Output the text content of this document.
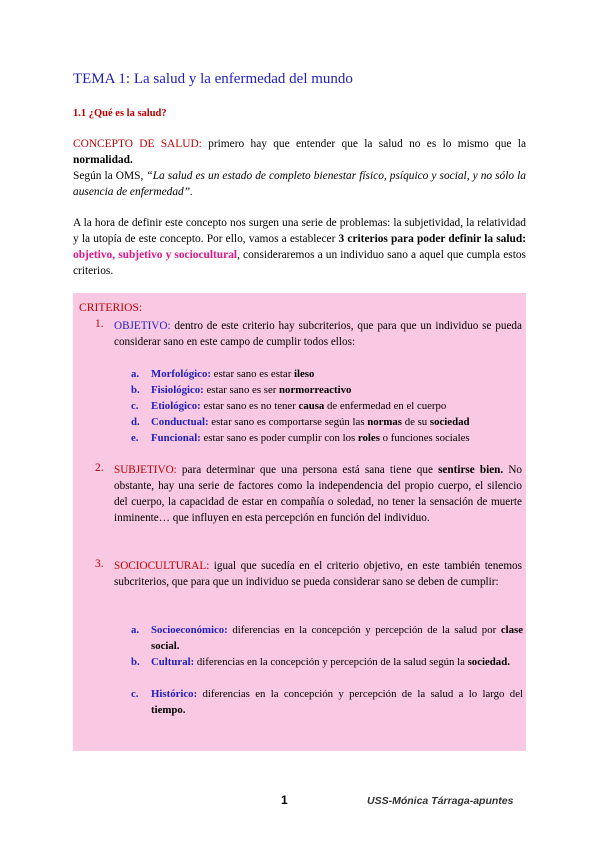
TEMA 1: La salud y la enfermedad del mundo
1.1 ¿Qué es la salud?
CONCEPTO DE SALUD: primero hay que entender que la salud no es lo mismo que la normalidad.
Según la OMS, “La salud es un estado de completo bienestar físico, psíquico y social, y no sólo la ausencia de enfermedad”.
A la hora de definir este concepto nos surgen una serie de problemas: la subjetividad, la relatividad y la utopía de este concepto. Por ello, vamos a establecer 3 criterios para poder definir la salud: objetivo, subjetivo y sociocultural, consideraremos a un individuo sano a aquel que cumpla estos criterios.
CRITERIOS:
1. OBJETIVO: dentro de este criterio hay subcriterios, que para que un individuo se pueda considerar sano en este campo de cumplir todos ellos:
a. Morfológico: estar sano es estar ileso
b. Fisiológico: estar sano es ser normorreactivo
c. Etiológico: estar sano es no tener causa de enfermedad en el cuerpo
d. Conductual: estar sano es comportarse según las normas de su sociedad
e. Funcional: estar sano es poder cumplir con los roles o funciones sociales
2. SUBJETIVO: para determinar que una persona está sana tiene que sentirse bien. No obstante, hay una serie de factores como la independencia del propio cuerpo, el silencio del cuerpo, la capacidad de estar en compañía o soledad, no tener la sensación de muerte inminente… que influyen en esta percepción en función del individuo.
3. SOCIOCULTURAL: igual que sucedía en el criterio objetivo, en este también tenemos subcriterios, que para que un individuo se pueda considerar sano se deben de cumplir:
a. Socioeconómico: diferencias en la concepción y percepción de la salud por clase social.
b. Cultural: diferencias en la concepción y percepción de la salud según la sociedad.
c. Histórico: diferencias en la concepción y percepción de la salud a lo largo del tiempo.
1	USS-Mónica Tárraga-apuntes
